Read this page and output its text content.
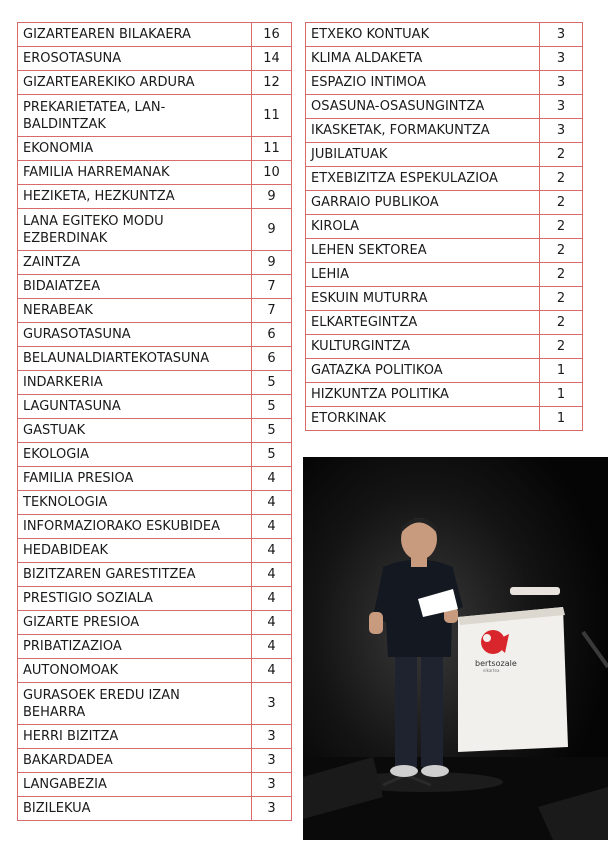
GIZARTEAREN BILAKAERA	16
EROSOTASUNA	14
GIZARTEAREKIKO ARDURA	12
PREKARIETATEA, LAN-
BALDINTZAK	11
EKONOMIA	11
FAMILIA HARREMANAK	10
HEZIKETA, HEZKUNTZA	9
LANA EGITEKO MODU
EZBERDINAK	9
ZAINTZA	9
BIDAIATZEA	7
NERABEAK	7
GURASOTASUNA	6
BELAUNALDIARTEKOTASUNA	6
INDARKERIA	5
LAGUNTASUNA	5
GASTUAK	5
EKOLOGIA	5
FAMILIA PRESIOA	4
TEKNOLOGIA	4
INFORMAZIORAKO ESKUBIDEA	4
HEDABIDEAK	4
BIZITZAREN GARESTITZEA	4
PRESTIGIO SOZIALA	4
GIZARTE PRESIOA	4
PRIBATIZAZIOA	4
AUTONOMOAK	4
GURASOEK EREDU IZAN
BEHARRA	3
HERRI BIZITZA	3
BAKARDADEA	3
LANGABEZIA	3
BIZILEKUA	3
ETXEKO KONTUAK	3
KLIMA ALDAKETA	3
ESPAZIO INTIMOA	3
OSASUNA-OSASUNGINTZA	3
IKASKETAK, FORMAKUNTZA	3
JUBILATUAK	2
ETXEBIZITZA ESPEKULAZIOA	2
GARRAIO PUBLIKOA	2
KIROLA	2
LEHEN SEKTOREA	2
LEHIA	2
ESKUIN MUTURRA	2
ELKARTEGINTZA	2
KULTURGINTZA	2
GATAZKA POLITIKOA	1
HIZKUNTZA POLITIKA	1
ETORKINAK	1
bertsozale
elkartea
